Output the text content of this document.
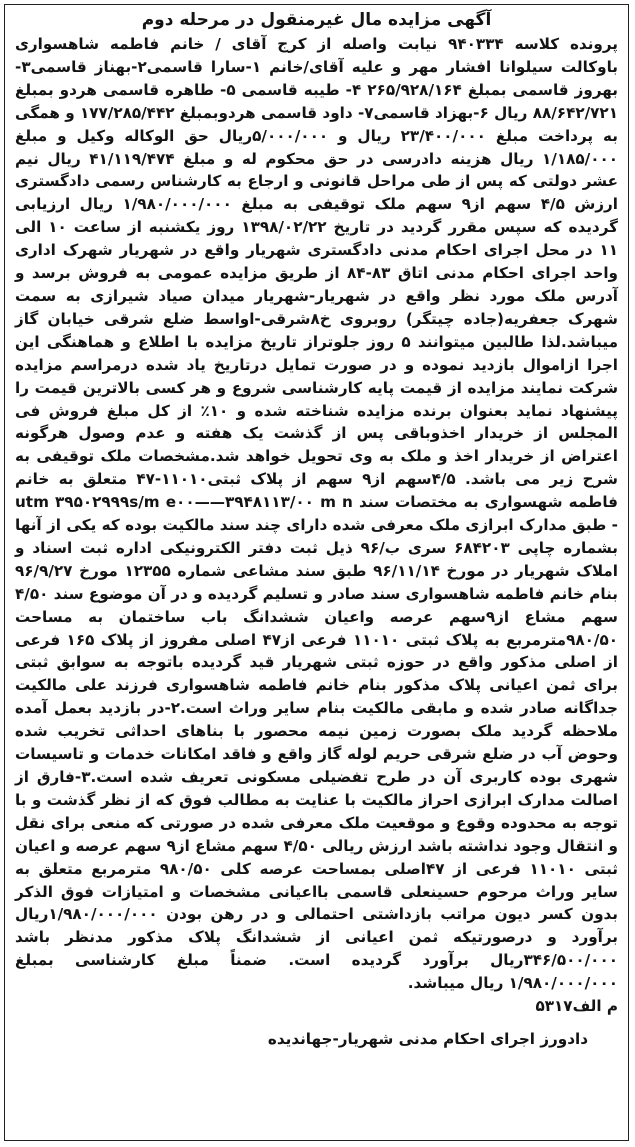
آگهی مزایده مال غیرمنقول در مرحله دوم

پرونده کلاسه ۹۴۰۳۳۴ نیابت واصله از کرج آقای / خانم فاطمه شاهسواری باوکالت سیلوانا افشار مهر و علیه آقای/خانم ۱-سارا قاسمی۲-بهناز قاسمی۳-بهروز قاسمی بمبلغ ۲۶۵/۹۲۸/۱۶۴ ۴- طیبه قاسمی ۵- طاهره قاسمی هردو بمبلغ ۸۸/۶۴۲/۷۲۱ ریال ۶-بهزاد قاسمی۷- داود قاسمی هردوبمبلغ ۱۷۷/۲۸۵/۴۴۲ و همگی به پرداخت مبلغ ۲۳/۴۰۰/۰۰۰ ریال و ۵/۰۰۰/۰۰۰ریال حق الوکاله وکیل و مبلغ ۱/۱۸۵/۰۰۰ ریال هزینه دادرسی در حق محکوم له و مبلغ ۴۱/۱۱۹/۴۷۴ ریال نیم عشر دولتی که پس از طی مراحل قانونی و ارجاع به کارشناس رسمی دادگستری ارزش ۴/۵ سهم از۹ سهم ملک توقیفی به مبلغ ۱/۹۸۰/۰۰۰/۰۰۰ ریال ارزیابی گردیده که سپس مقرر گردید در تاریخ ۱۳۹۸/۰۲/۲۲ روز یکشنبه از ساعت ۱۰ الی ۱۱ در محل اجرای احکام مدنی دادگستری شهریار واقع در شهریار شهرک اداری واحد اجرای احکام مدنی اتاق ۸۳-۸۴ از طریق مزایده عمومی به فروش برسد و آدرس ملک مورد نظر واقع در شهریار-شهریار میدان صیاد شیرازی به سمت شهرک جعفریه(جاده چیتگر) روبروی خ۸شرقی-اواسط ضلع شرقی خیابان گاز میباشد.لذا طالبین میتوانند ۵ روز جلوتراز تاریخ مزایده با اطلاع و هماهنگی این اجرا ازاموال بازدید نموده و در صورت تمایل درتاریخ یاد شده درمراسم مزایده شرکت نمایند مزایده از قیمت پایه کارشناسی شروع و هر کسی بالاترین قیمت را پیشنهاد نماید بعنوان برنده مزایده شناخته شده و ۱۰٪ از کل مبلغ فروش فی المجلس از خریدار اخذوباقی پس از گذشت یک هفته و عدم وصول هرگونه اعتراض از خریدار اخذ و ملک به وی تحویل خواهد شد.مشخصات ملک توقیفی به شرح زیر می باشد. ۴/۵سهم از۹ سهم از پلاک ثبتی۱۱۰۱۰-۴۷ متعلق به خانم فاطمه شهسواری به مختصات سند utm ۳۹۵۰۲۹۹۹s/m e۰۰——۳۹۴۸۱۱۳/۰۰ m n - طبق مدارک ابرازی ملک معرفی شده دارای چند سند مالکیت بوده که یکی از آنها بشماره چاپی ۶۸۴۲۰۳ سری ب/۹۶ ذیل ثبت دفتر الکترونیکی اداره ثبت اسناد و املاک شهریار در مورخ ۹۶/۱۱/۱۴ طبق سند مشاعی شماره ۱۲۳۵۵ مورخ ۹۶/۹/۲۷ بنام خانم فاطمه شاهسواری سند صادر و تسلیم گردیده و در آن موضوع سند ۴/۵۰ سهم مشاع از۹سهم عرصه واعیان ششدانگ باب ساختمان به مساحت ۹۸۰/۵۰مترمربع به پلاک ثبتی ۱۱۰۱۰ فرعی از۴۷ اصلی مفروز از پلاک ۱۶۵ فرعی از اصلی مذکور واقع در حوزه ثبتی شهریار قید گردیده باتوجه به سوابق ثبتی برای ثمن اعیانی پلاک مذکور بنام خانم فاطمه شاهسواری فرزند علی مالکیت جداگانه صادر شده و مابقی مالکیت بنام سایر وراث است.۲-در بازدید بعمل آمده ملاحظه گردید ملک بصورت زمین نیمه محصور با بناهای احداثی تخریب شده وحوض آب در ضلع شرقی حریم لوله گاز واقع و فاقد امکانات خدمات و تاسیسات شهری بوده کاربری آن در طرح تفضیلی مسکونی تعریف شده است.۳-فارق از اصالت مدارک ابرازی احراز مالکیت با عنایت به مطالب فوق که از نظر گذشت و با توجه به محدوده وقوع و موقعیت ملک معرفی شده در صورتی که منعی برای نقل و انتقال وجود نداشته باشد ارزش ریالی ۴/۵۰ سهم مشاع از۹ سهم عرصه و اعیان ثبتی ۱۱۰۱۰ فرعی از ۴۷اصلی بمساحت عرصه کلی ۹۸۰/۵۰ مترمربع متعلق به سایر وراث مرحوم حسینعلی قاسمی بااعیانی مشخصات و امتیازات فوق الذکر بدون کسر دیون مراتب بازداشتی احتمالی و در رهن بودن ۱/۹۸۰/۰۰۰/۰۰۰ریال برآورد و درصورتیکه ثمن اعیانی از ششدانگ پلاک مذکور مدنظر باشد ۳۴۶/۵۰۰/۰۰۰ریال برآورد گردیده است. ضمناً مبلغ کارشناسی بمبلغ ۱/۹۸۰/۰۰۰/۰۰۰ ریال میباشد.

م الف۵۳۱۷
دادورز اجرای احکام مدنی شهریار-جهاندیده
